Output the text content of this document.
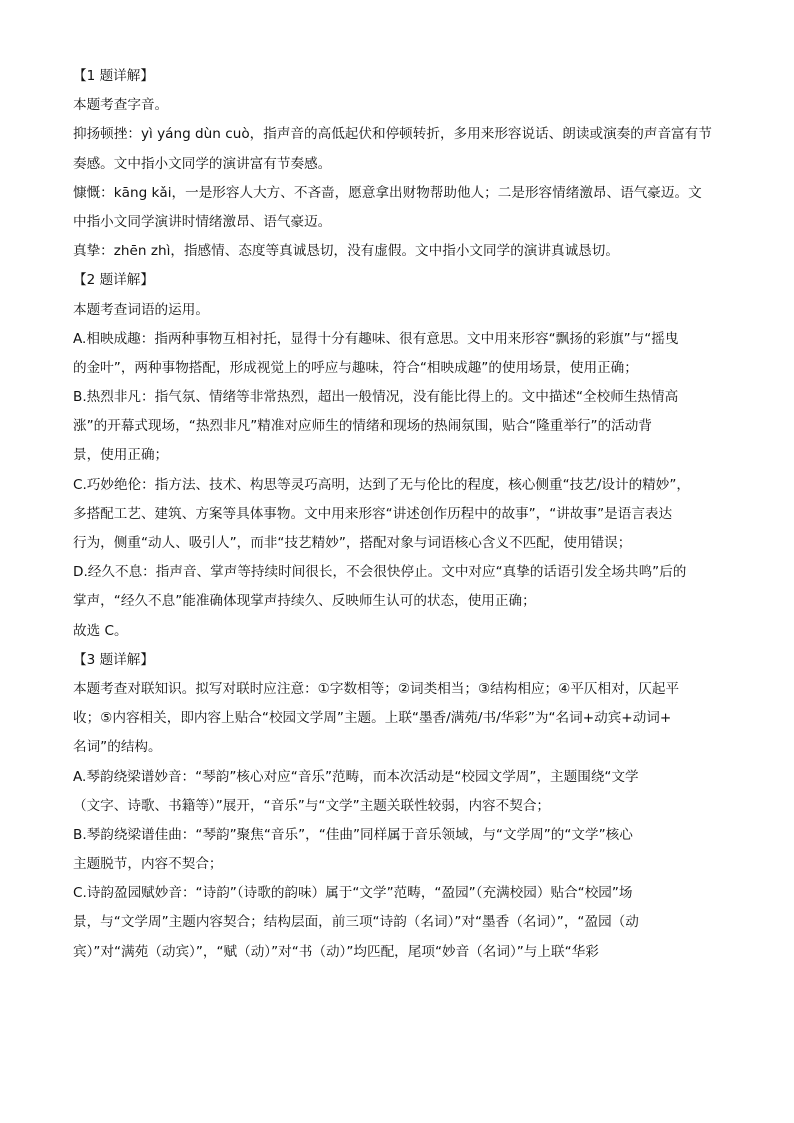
【1 题详解】
本题考查字音。
抑扬顿挫：yì yáng dùn cuò，指声音的高低起伏和停顿转折，多用来形容说话、朗读或演奏的声音富有节
奏感。文中指小文同学的演讲富有节奏感。
慷慨：kāng kǎi，一是形容人大方、不吝啬，愿意拿出财物帮助他人；二是形容情绪激昂、语气豪迈。文
中指小文同学演讲时情绪激昂、语气豪迈。
真挚：zhēn zhì，指感情、态度等真诚恳切，没有虚假。文中指小文同学的演讲真诚恳切。
【2 题详解】
本题考查词语的运用。
A.相映成趣：指两种事物互相衬托，显得十分有趣味、很有意思。文中用来形容“飘扬的彩旗”与“摇曳
的金叶”，两种事物搭配，形成视觉上的呼应与趣味，符合“相映成趣”的使用场景，使用正确；
B.热烈非凡：指气氛、情绪等非常热烈，超出一般情况，没有能比得上的。文中描述“全校师生热情高
涨”的开幕式现场，“热烈非凡”精准对应师生的情绪和现场的热闹氛围，贴合“隆重举行”的活动背
景，使用正确；
C.巧妙绝伦：指方法、技术、构思等灵巧高明，达到了无与伦比的程度，核心侧重“技艺/设计的精妙”，
多搭配工艺、建筑、方案等具体事物。文中用来形容“讲述创作历程中的故事”，“讲故事”是语言表达
行为，侧重“动人、吸引人”，而非“技艺精妙”，搭配对象与词语核心含义不匹配，使用错误；
D.经久不息：指声音、掌声等持续时间很长，不会很快停止。文中对应“真挚的话语引发全场共鸣”后的
掌声，“经久不息”能准确体现掌声持续久、反映师生认可的状态，使用正确；
故选 C。
【3 题详解】
本题考查对联知识。拟写对联时应注意：①字数相等；②词类相当；③结构相应；④平仄相对，仄起平
收；⑤内容相关，即内容上贴合“校园文学周”主题。上联“墨香/满苑/书/华彩”为“名词+动宾+动词+
名词”的结构。
A.琴韵绕梁谱妙音：“琴韵”核心对应“音乐”范畴，而本次活动是“校园文学周”，主题围绕“文学
（文字、诗歌、书籍等）”展开，“音乐”与“文学”主题关联性较弱，内容不契合；
B.琴韵绕梁谱佳曲：“琴韵”聚焦“音乐”，“佳曲”同样属于音乐领域，与“文学周”的“文学”核心
主题脱节，内容不契合；
C.诗韵盈园赋妙音：“诗韵”（诗歌的韵味）属于“文学”范畴，“盈园”（充满校园）贴合“校园”场
景，与“文学周”主题内容契合；结构层面，前三项“诗韵（名词）”对“墨香（名词）”，“盈园（动
宾）”对“满苑（动宾）”，“赋（动）”对“书（动）”均匹配，尾项“妙音（名词）”与上联“华彩
